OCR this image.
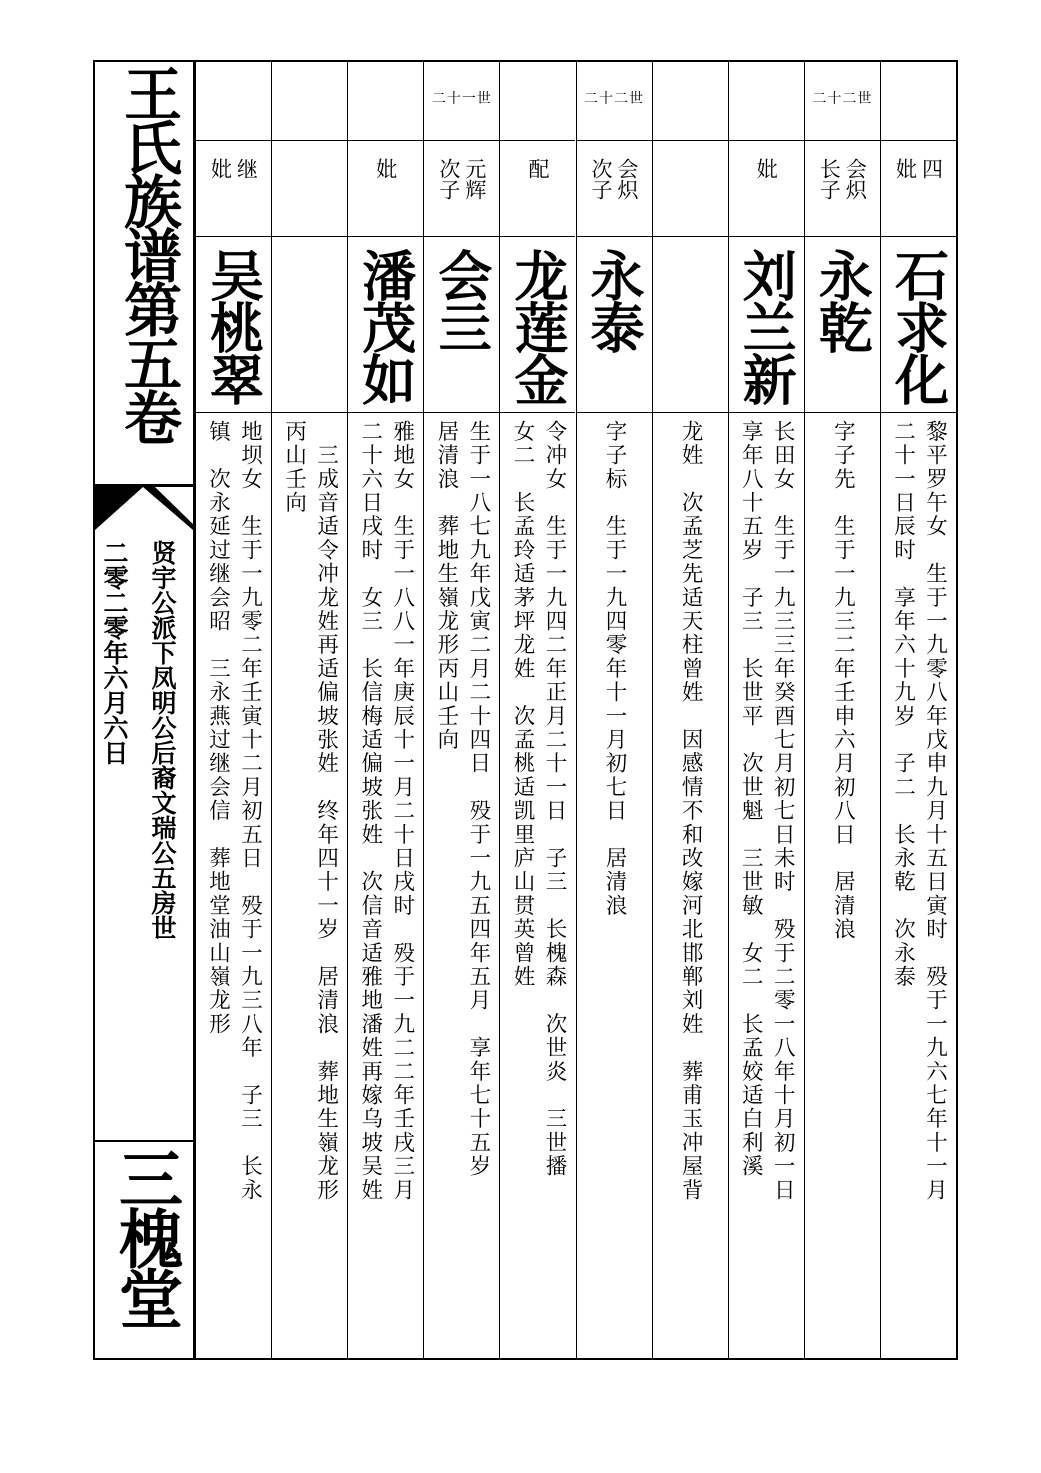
王氏族谱第五卷
贤宇公派下凤明公后裔文瑞公五房世
二零二零年六月六日
三槐堂
四
妣
石求化
黎平罗午女　生于一九零八年戊申九月十五日寅时　殁于一九六七年十一月
二十一日辰时　享年六十九岁　子二　长永乾　次永泰
二十二世
会炽
长子
永乾
字子先　生于一九三二年壬申六月初八日　居清浪
妣
刘兰新
长田女　生于一九三三年癸酉七月初七日未时　殁于二零一八年十月初一日
享年八十五岁　子三　长世平　次世魁　三世敏　女二　长孟姣适白利溪
龙姓　次孟芝先适天柱曾姓　因感情不和改嫁河北邯郸刘姓　葬甫玉冲屋背
二十二世
会炽
次子
永泰
字子标　生于一九四零年十一月初七日　居清浪
配
龙莲金
令冲女　生于一九四二年正月二十一日　子三　长槐森　次世炎　三世播
女二　长孟玲适茅坪龙姓　次孟桃适凯里庐山贯英曾姓
二十一世
元辉
次子
会亖
生于一八七九年戊寅二月二十四日　殁于一九五四年五月　享年七十五岁
居清浪　葬地生嶺龙形丙山壬向
妣
潘茂如
雅地女　生于一八八一年庚辰十一月二十日戌时　殁于一九二二年壬戌三月
二十六日戌时　女三　长信梅适偏坡张姓　次信音适雅地潘姓再嫁乌坡吴姓
　三成音适令冲龙姓再适偏坡张姓　终年四十一岁　居清浪　葬地生嶺龙形
丙山壬向
继
妣
吴桃翠
地坝女　生于一九零二年壬寅十二月初五日　殁于一九三八年　子三　长永
镇　次永延过继会昭　三永燕过继会信　葬地堂油山嶺龙形
